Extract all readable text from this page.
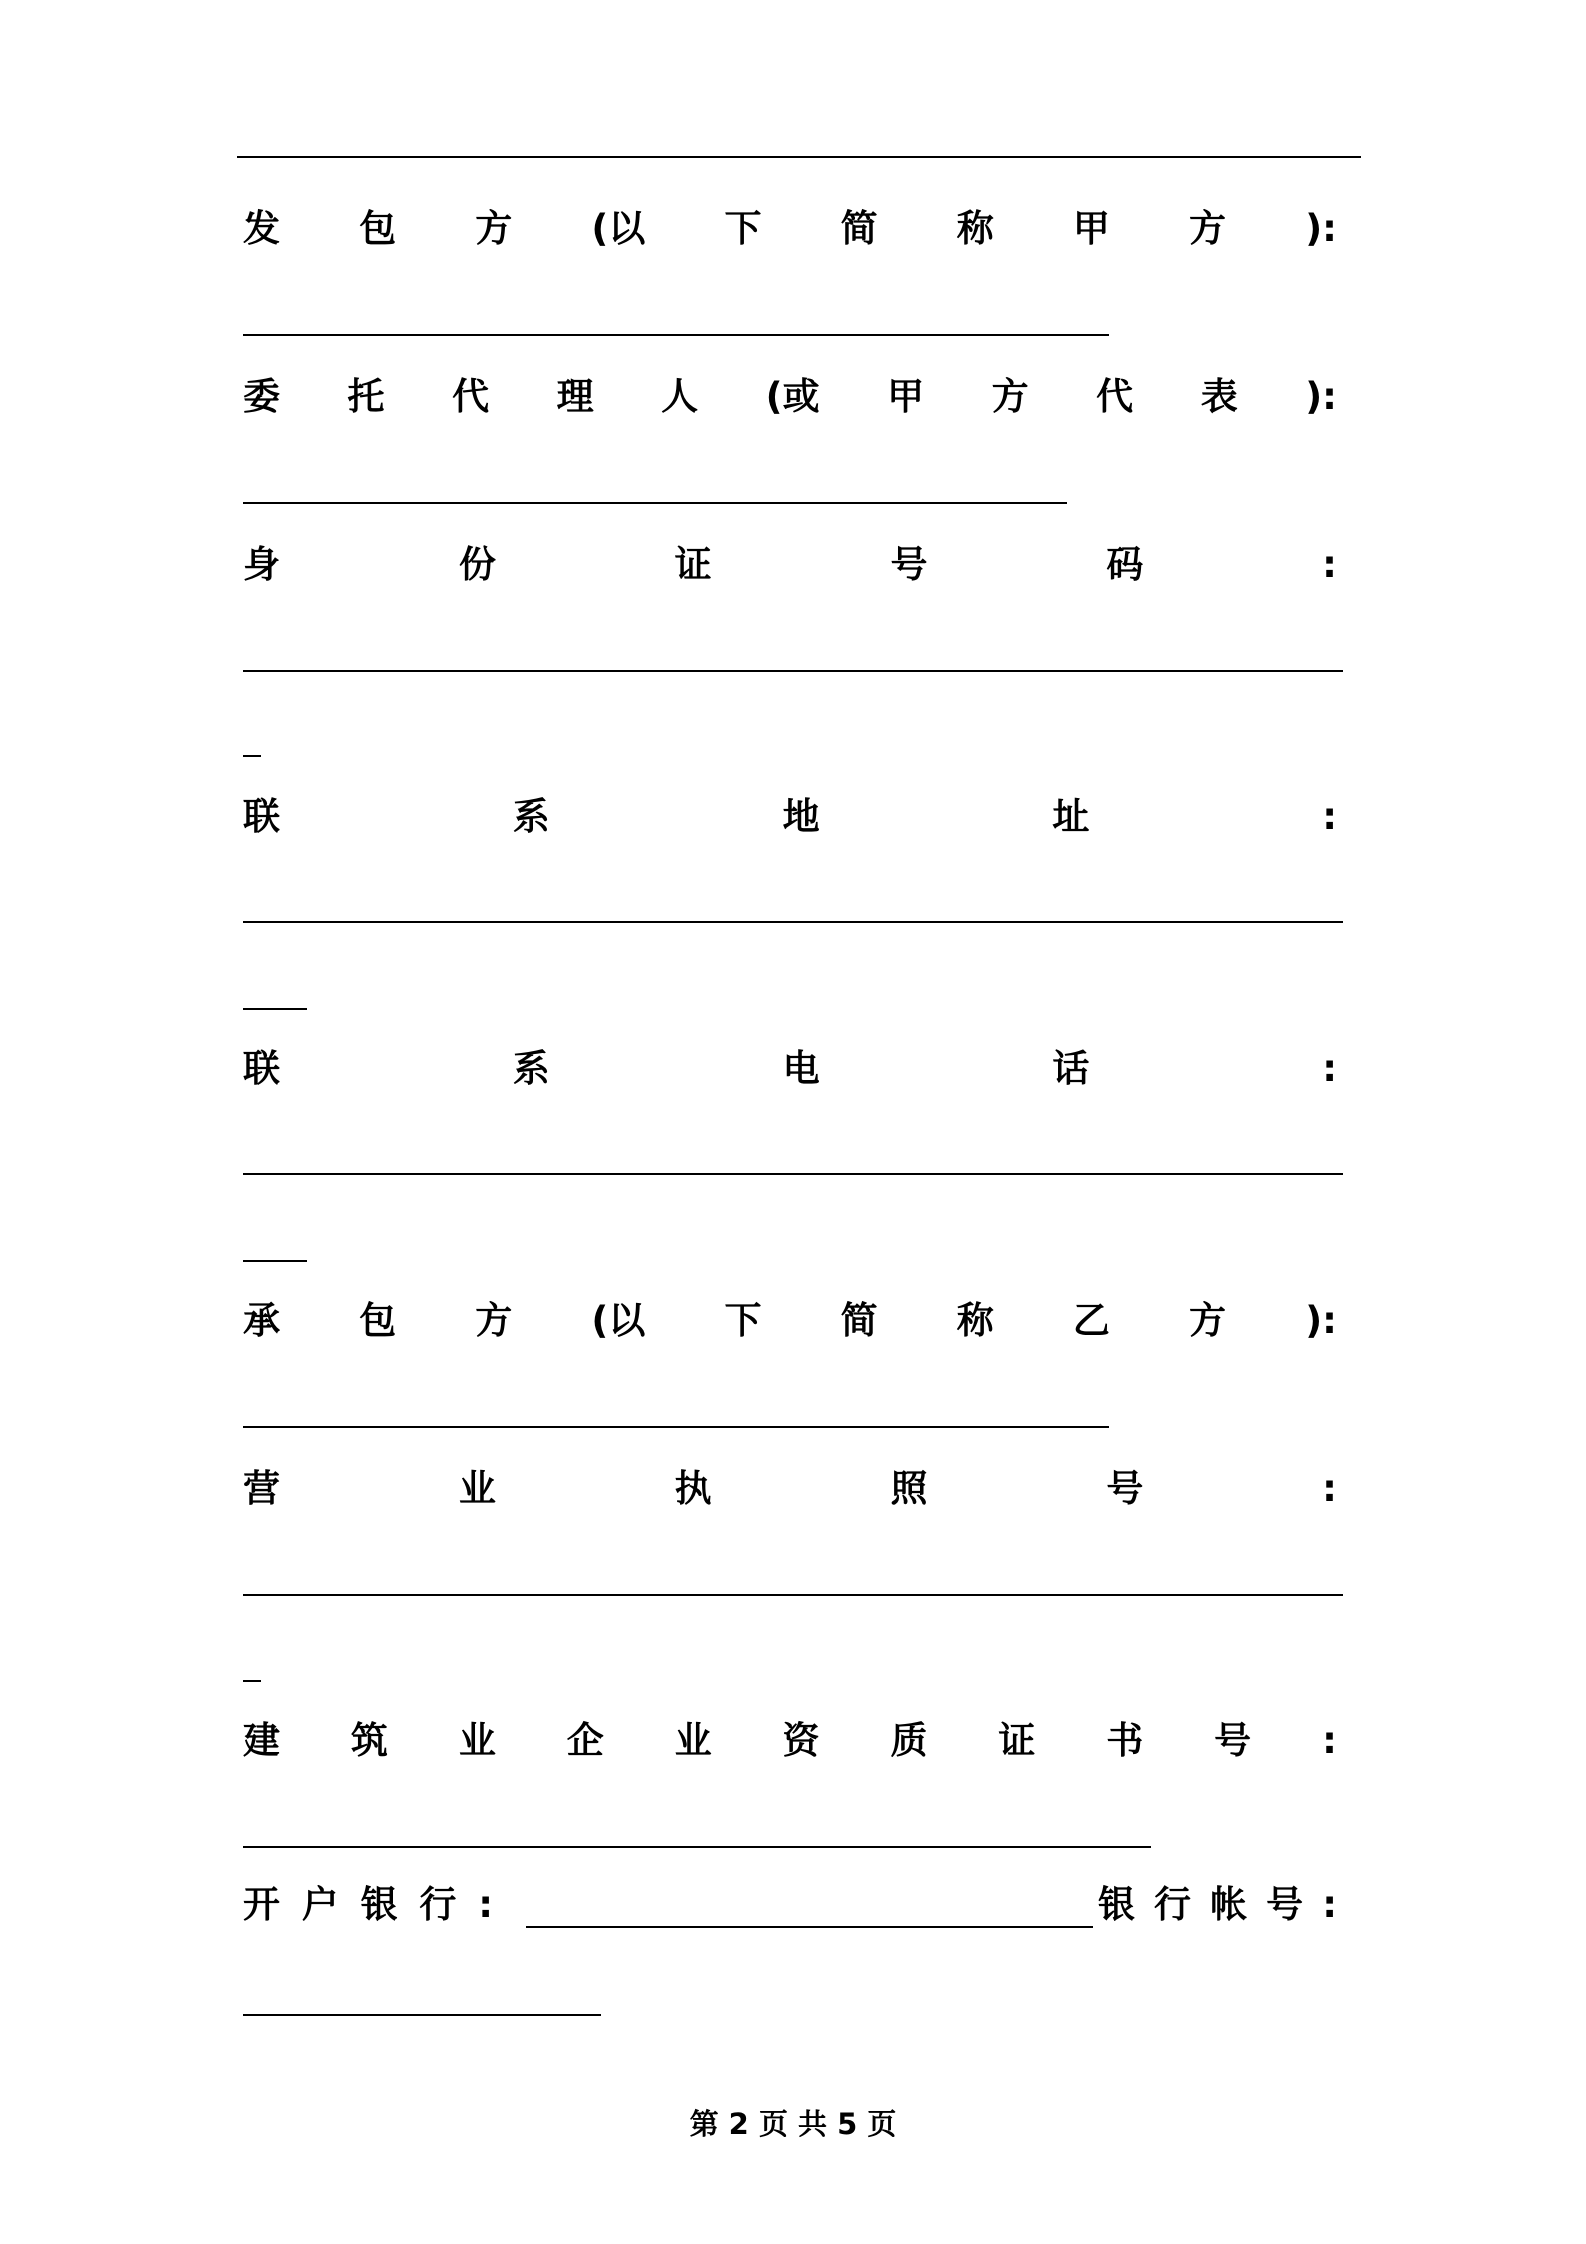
发 包 方 (以 下 简 称 甲 方 ):
委 托 代 理 人 (或 甲 方 代 表 ):
身	份	证	号	码	:
联	系	地	址	:
联	系	电	话	:
承 包 方 (以 下 简 称 乙 方 ):
营	业	执	照	号	:
建 筑 业 企 业 资 质 证 书 号 :
开 户 银 行 :	银 行 帐 号 :
第 2 页 共 5 页
